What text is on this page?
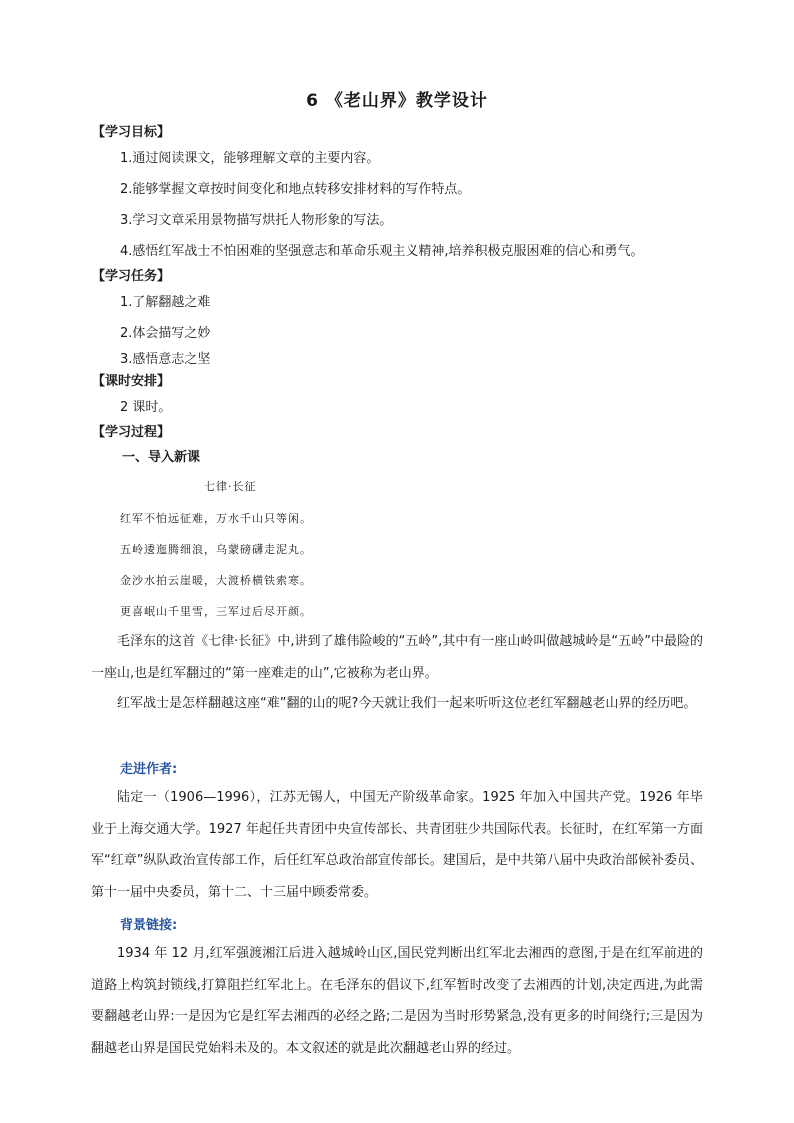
6 《老山界》教学设计
【学习目标】
1.通过阅读课文，能够理解文章的主要内容。
2.能够掌握文章按时间变化和地点转移安排材料的写作特点。
3.学习文章采用景物描写烘托人物形象的写法。
4.感悟红军战士不怕困难的坚强意志和革命乐观主义精神,培养积极克服困难的信心和勇气。
【学习任务】
1.了解翻越之难
2.体会描写之妙
3.感悟意志之坚
【课时安排】
2 课时。
【学习过程】
一、导入新课
七律·长征
红军不怕远征难，万水千山只等闲。
五岭逶迤腾细浪，乌蒙磅礴走泥丸。
金沙水拍云崖暖，大渡桥横铁索寒。
更喜岷山千里雪，三军过后尽开颜。
毛泽东的这首《七律·长征》中,讲到了雄伟险峻的“五岭”,其中有一座山岭叫做越城岭是“五岭”中最险的一座山,也是红军翻过的“第一座难走的山”,它被称为老山界。
红军战士是怎样翻越这座“难”翻的山的呢?今天就让我们一起来听听这位老红军翻越老山界的经历吧。
走进作者:
陆定一（1906—1996），江苏无锡人，中国无产阶级革命家。1925 年加入中国共产党。1926 年毕业于上海交通大学。1927 年起任共青团中央宣传部长、共青团驻少共国际代表。长征时，在红军第一方面军“红章”纵队政治宣传部工作，后任红军总政治部宣传部长。建国后，是中共第八届中央政治部候补委员、第十一届中央委员，第十二、十三届中顾委常委。
背景链接:
1934 年 12 月,红军强渡湘江后进入越城岭山区,国民党判断出红军北去湘西的意图,于是在红军前进的道路上构筑封锁线,打算阻拦红军北上。在毛泽东的倡议下,红军暂时改变了去湘西的计划,决定西进,为此需要翻越老山界:一是因为它是红军去湘西的必经之路;二是因为当时形势紧急,没有更多的时间绕行;三是因为翻越老山界是国民党始料未及的。本文叙述的就是此次翻越老山界的经过。
